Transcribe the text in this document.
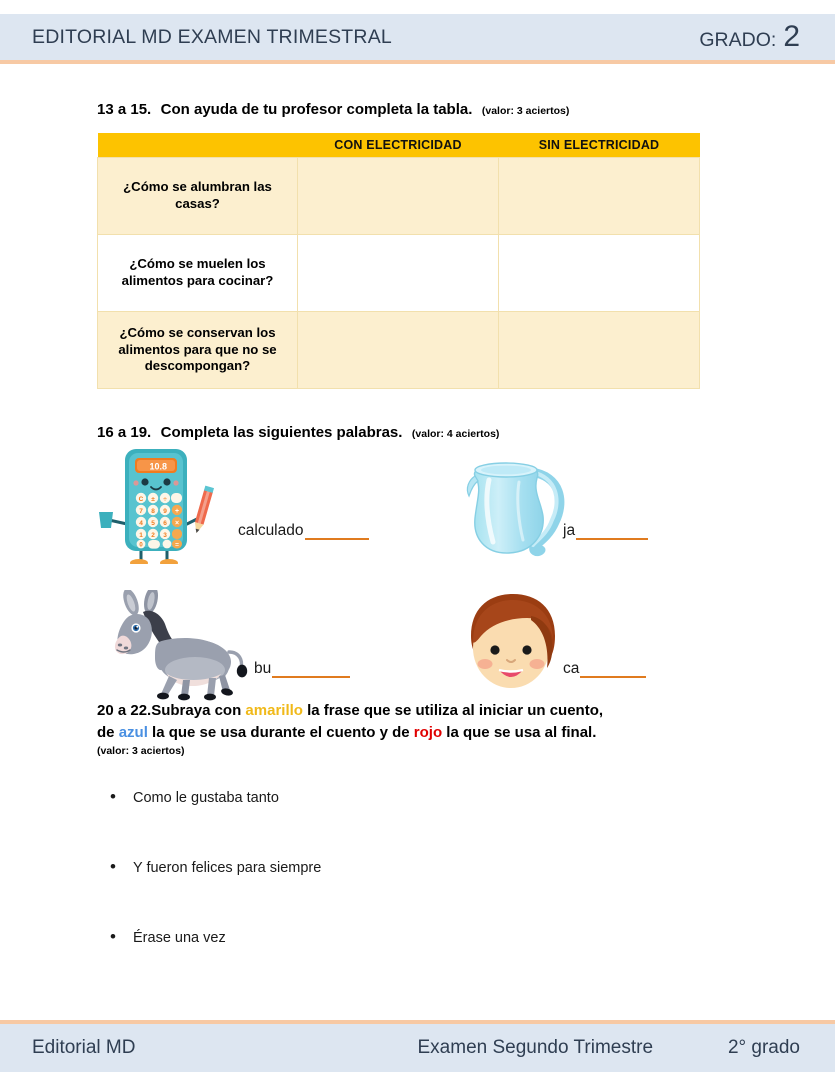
EDITORIAL MD EXAMEN TRIMESTRAL	GRADO: 2
13 a 15. Con ayuda de tu profesor completa la tabla. (valor: 3 aciertos)
	CON ELECTRICIDAD	SIN ELECTRICIDAD
¿Cómo se alumbran las casas?		
¿Cómo se muelen los alimentos para cocinar?		
¿Cómo se conservan los alimentos para que no se descompongan?		
16 a 19. Completa las siguientes palabras. (valor: 4 aciertos)
10.8
C ± ÷
7 8 9 +
4 5 6 ×
1 2 3
0	=
calculado	ja
bu	ca
20 a 22.Subraya con amarillo la frase que se utiliza al iniciar un cuento,
de azul la que se usa durante el cuento y de rojo la que se usa al final.
(valor: 3 aciertos)
• Como le gustaba tanto
• Y fueron felices para siempre
• Érase una vez
Editorial MD	Examen Segundo Trimestre	2° grado
